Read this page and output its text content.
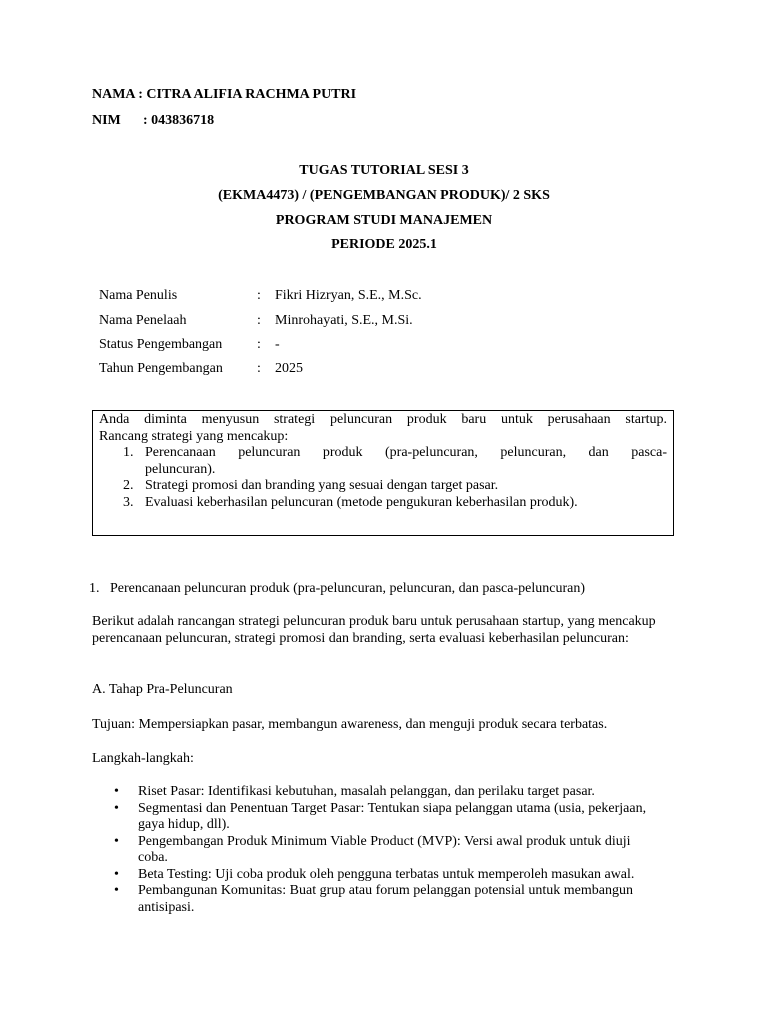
NAMA : CITRA ALIFIA RACHMA PUTRI
NIM : 043836718
TUGAS TUTORIAL SESI 3
(EKMA4473) / (PENGEMBANGAN PRODUK)/ 2 SKS
PROGRAM STUDI MANAJEMEN
PERIODE 2025.1
Nama Penulis	: Fikri Hizryan, S.E., M.Sc.
Nama Penelaah	: Minrohayati, S.E., M.Si.
Status Pengembangan : -
Tahun Pengembangan : 2025

Anda diminta menyusun strategi peluncuran produk baru untuk perusahaan startup.

Rancang strategi yang mencakup:

1. Perencanaan peluncuran produk (pra-peluncuran, peluncuran, dan pasca-
peluncuran).
2. Strategi promosi dan branding yang sesuai dengan target pasar.
3. Evaluasi keberhasilan peluncuran (metode pengukuran keberhasilan produk).
1. Perencanaan peluncuran produk (pra-peluncuran, peluncuran, dan pasca-peluncuran)

Berikut adalah rancangan strategi peluncuran produk baru untuk perusahaan startup, yang mencakup perencanaan peluncuran, strategi promosi dan branding, serta evaluasi keberhasilan peluncuran:

A. Tahap Pra-Peluncuran

Tujuan: Mempersiapkan pasar, membangun awareness, dan menguji produk secara terbatas.

Langkah-langkah:

• Riset Pasar: Identifikasi kebutuhan, masalah pelanggan, dan perilaku target pasar.
• Segmentasi dan Penentuan Target Pasar: Tentukan siapa pelanggan utama (usia, pekerjaan, gaya hidup, dll).
• Pengembangan Produk Minimum Viable Product (MVP): Versi awal produk untuk diuji coba.
• Beta Testing: Uji coba produk oleh pengguna terbatas untuk memperoleh masukan awal.
• Pembangunan Komunitas: Buat grup atau forum pelanggan potensial untuk membangun antisipasi.
